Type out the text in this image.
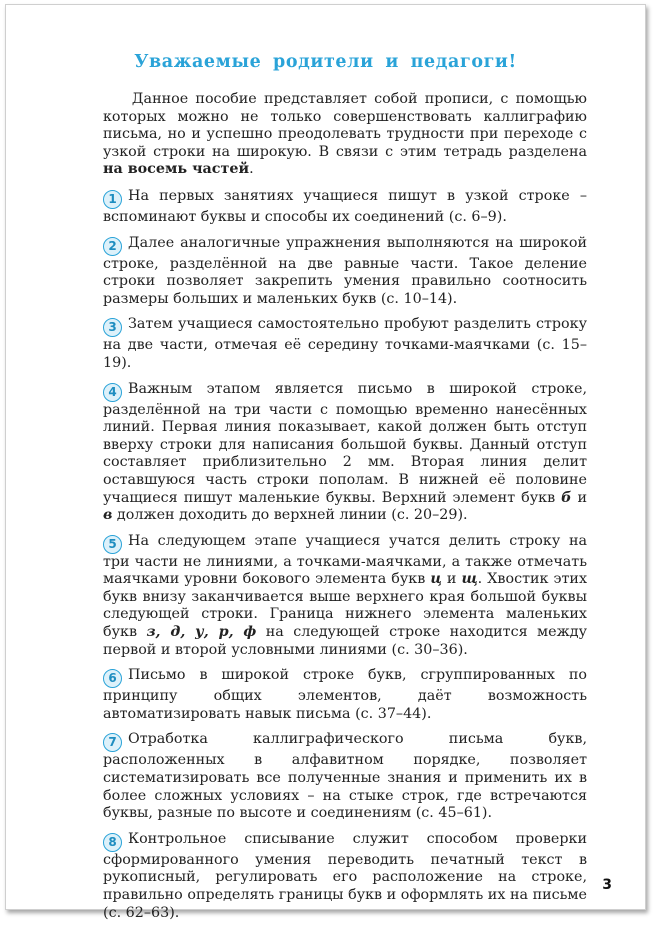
Уважаемые родители и педагоги!

Данное пособие представляет собой прописи, с помощью которых можно не только совершенствовать каллиграфию письма, но и успешно преодолевать трудности при переходе с узкой строки на широкую. В связи с этим тетрадь разделена на восемь частей.

1 На первых занятиях учащиеся пишут в узкой строке – вспоминают буквы и способы их соединений (с. 6–9).

2 Далее аналогичные упражнения выполняются на широкой строке, разделённой на две равные части. Такое деление строки позволяет закрепить умения правильно соотносить размеры больших и маленьких букв (с. 10–14).

3 Затем учащиеся самостоятельно пробуют разделить строку на две части, отмечая её середину точками-маячками (с. 15–19).

4 Важным этапом является письмо в широкой строке, разделённой на три части с помощью временно нанесённых линий. Первая линия показывает, какой должен быть отступ вверху строки для написания большой буквы. Данный отступ составляет приблизительно 2 мм. Вторая линия делит оставшуюся часть строки пополам. В нижней её половине учащиеся пишут маленькие буквы. Верхний элемент букв б и в должен доходить до верхней линии (с. 20–29).

5 На следующем этапе учащиеся учатся делить строку на три части не линиями, а точками-маячками, а также отмечать маячками уровни бокового элемента букв ц и щ. Хвостик этих букв внизу заканчивается выше верхнего края большой буквы следующей строки. Граница нижнего элемента маленьких букв з, д, у, р, ф на следующей строке находится между первой и второй условными линиями (с. 30–36).

6 Письмо в широкой строке букв, сгруппированных по принципу общих элементов, даёт возможность автоматизировать навык письма (с. 37–44).

7 Отработка каллиграфического письма букв, расположенных в алфавитном порядке, позволяет систематизировать все полученные знания и применить их в более сложных условиях – на стыке строк, где встречаются буквы, разные по высоте и соединениям (с. 45–61).

8 Контрольное списывание служит способом проверки сформированного умения переводить печатный текст в рукописный, регулировать его расположение на строке, правильно определять границы букв и оформлять их на письме (с. 62–63).

3
